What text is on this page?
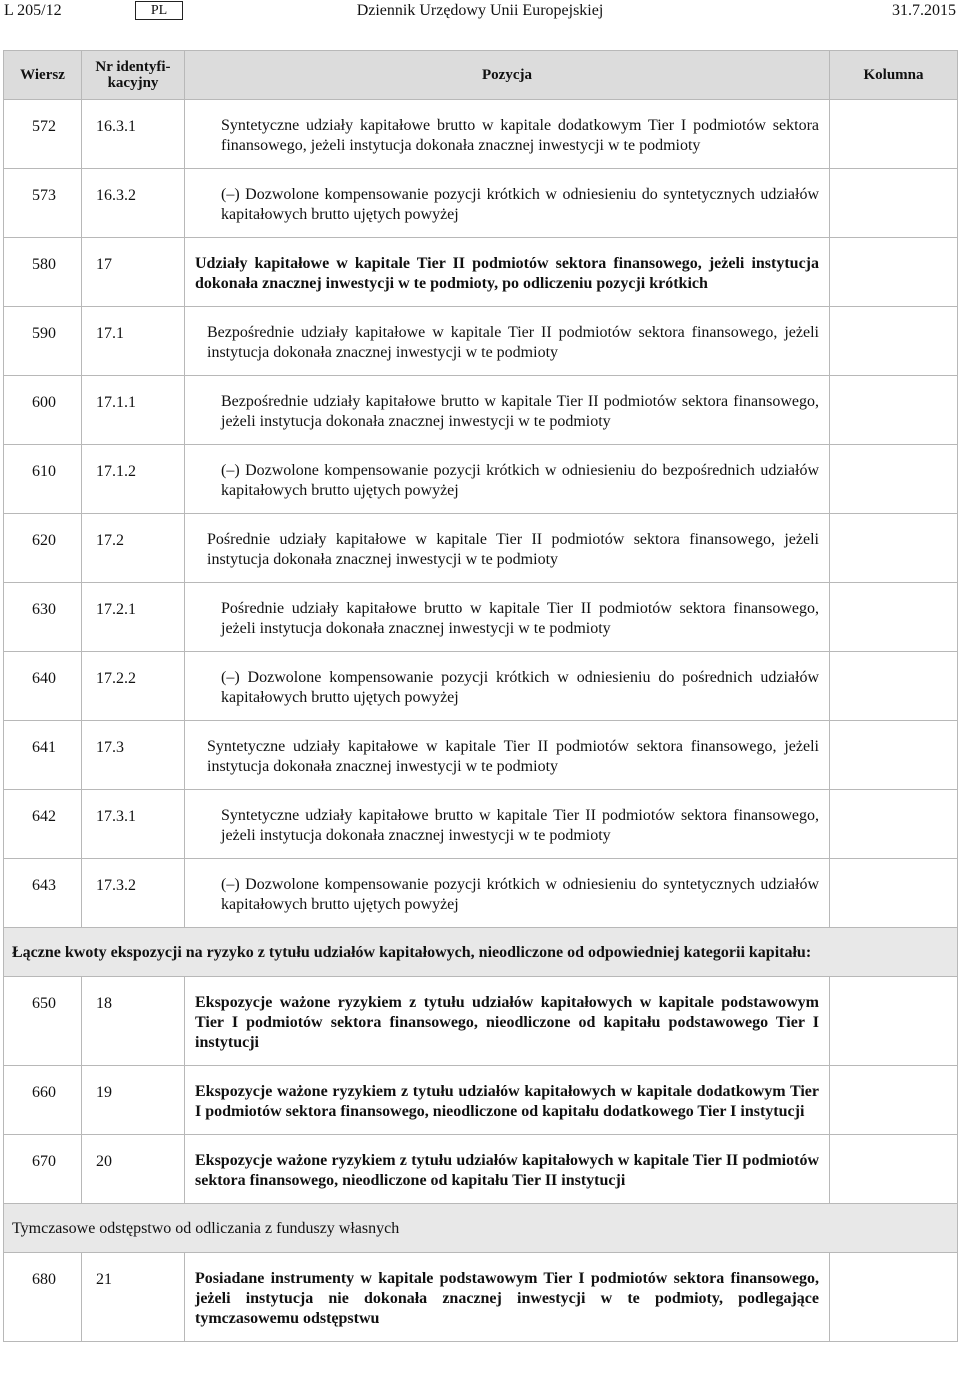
L 205/12	PL	Dziennik Urzędowy Unii Europejskiej	31.7.2015
Wiersz	Nr identyfi-kacyjny	Pozycja	Kolumna
572	16.3.1	Syntetyczne udziały kapitałowe brutto w kapitale dodatkowym Tier I podmiotów sektora finansowego, jeżeli instytucja dokonała znacznej inwestycji w te podmioty	
573	16.3.2	(–) Dozwolone kompensowanie pozycji krótkich w odniesieniu do syntetycznych udziałów kapitałowych brutto ujętych powyżej	
580	17	Udziały kapitałowe w kapitale Tier II podmiotów sektora finansowego, jeżeli instytucja dokonała znacznej inwestycji w te podmioty, po odliczeniu pozycji krótkich	
590	17.1	Bezpośrednie udziały kapitałowe w kapitale Tier II podmiotów sektora finansowego, jeżeli instytucja dokonała znacznej inwestycji w te podmioty	
600	17.1.1	Bezpośrednie udziały kapitałowe brutto w kapitale Tier II podmiotów sektora finansowego, jeżeli instytucja dokonała znacznej inwestycji w te podmioty	
610	17.1.2	(–) Dozwolone kompensowanie pozycji krótkich w odniesieniu do bezpośrednich udziałów kapitałowych brutto ujętych powyżej	
620	17.2	Pośrednie udziały kapitałowe w kapitale Tier II podmiotów sektora finansowego, jeżeli instytucja dokonała znacznej inwestycji w te podmioty	
630	17.2.1	Pośrednie udziały kapitałowe brutto w kapitale Tier II podmiotów sektora finansowego, jeżeli instytucja dokonała znacznej inwestycji w te podmioty	
640	17.2.2	(–) Dozwolone kompensowanie pozycji krótkich w odniesieniu do pośrednich udziałów kapitałowych brutto ujętych powyżej	
641	17.3	Syntetyczne udziały kapitałowe w kapitale Tier II podmiotów sektora finansowego, jeżeli instytucja dokonała znacznej inwestycji w te podmioty	
642	17.3.1	Syntetyczne udziały kapitałowe brutto w kapitale Tier II podmiotów sektora finansowego, jeżeli instytucja dokonała znacznej inwestycji w te podmioty	
643	17.3.2	(–) Dozwolone kompensowanie pozycji krótkich w odniesieniu do syntetycznych udziałów kapitałowych brutto ujętych powyżej	
Łączne kwoty ekspozycji na ryzyko z tytułu udziałów kapitałowych, nieodliczone od odpowiedniej kategorii kapitału:			
650	18	Ekspozycje ważone ryzykiem z tytułu udziałów kapitałowych w kapitale podstawowym Tier I podmiotów sektora finansowego, nieodliczone od kapitału podstawowego Tier I instytucji	
660	19	Ekspozycje ważone ryzykiem z tytułu udziałów kapitałowych w kapitale dodatkowym Tier I podmiotów sektora finansowego, nieodliczone od kapitału dodatkowego Tier I instytucji	
670	20	Ekspozycje ważone ryzykiem z tytułu udziałów kapitałowych w kapitale Tier II podmiotów sektora finansowego, nieodliczone od kapitału Tier II instytucji	
Tymczasowe odstępstwo od odliczania z funduszy własnych			
680	21	Posiadane instrumenty w kapitale podstawowym Tier I podmiotów sektora finansowego, jeżeli instytucja nie dokonała znacznej inwestycji w te podmioty, podlegające tymczasowemu odstępstwu	
